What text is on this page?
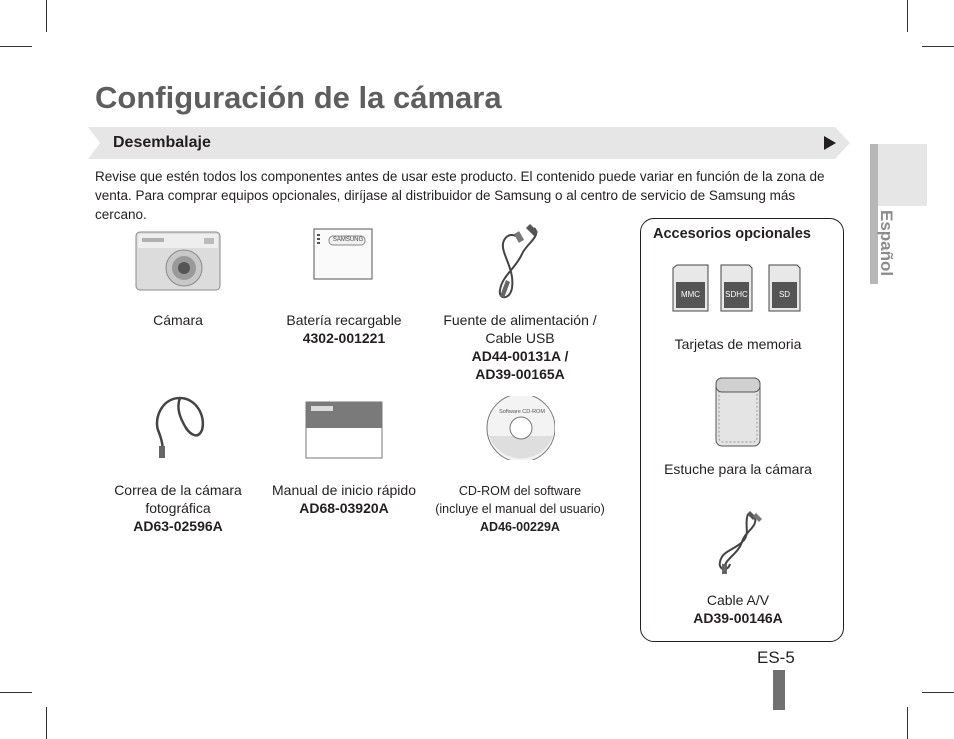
Configuración de la cámara
Desembalaje

Revise que estén todos los componentes antes de usar este producto. El contenido puede variar en función de la zona de venta. Para comprar equipos opcionales, diríjase al distribuidor de Samsung o al centro de servicio de Samsung más cercano.

Cámara
SAMSUNG
Batería recargable
4302-001221
Fuente de alimentación /
Cable USB
AD44-00131A /
AD39-00165A
Correa de la cámara
fotográfica
AD63-02596A
Manual de inicio rápido
AD68-03920A
Software CD-ROM
CD-ROM del software
(incluye el manual del usuario)
AD46-00229A
Accesorios opcionales
MMC	SDHC	SD
Tarjetas de memoria
Estuche para la cámara
Cable A/V
AD39-00146A
Español
ES-5
